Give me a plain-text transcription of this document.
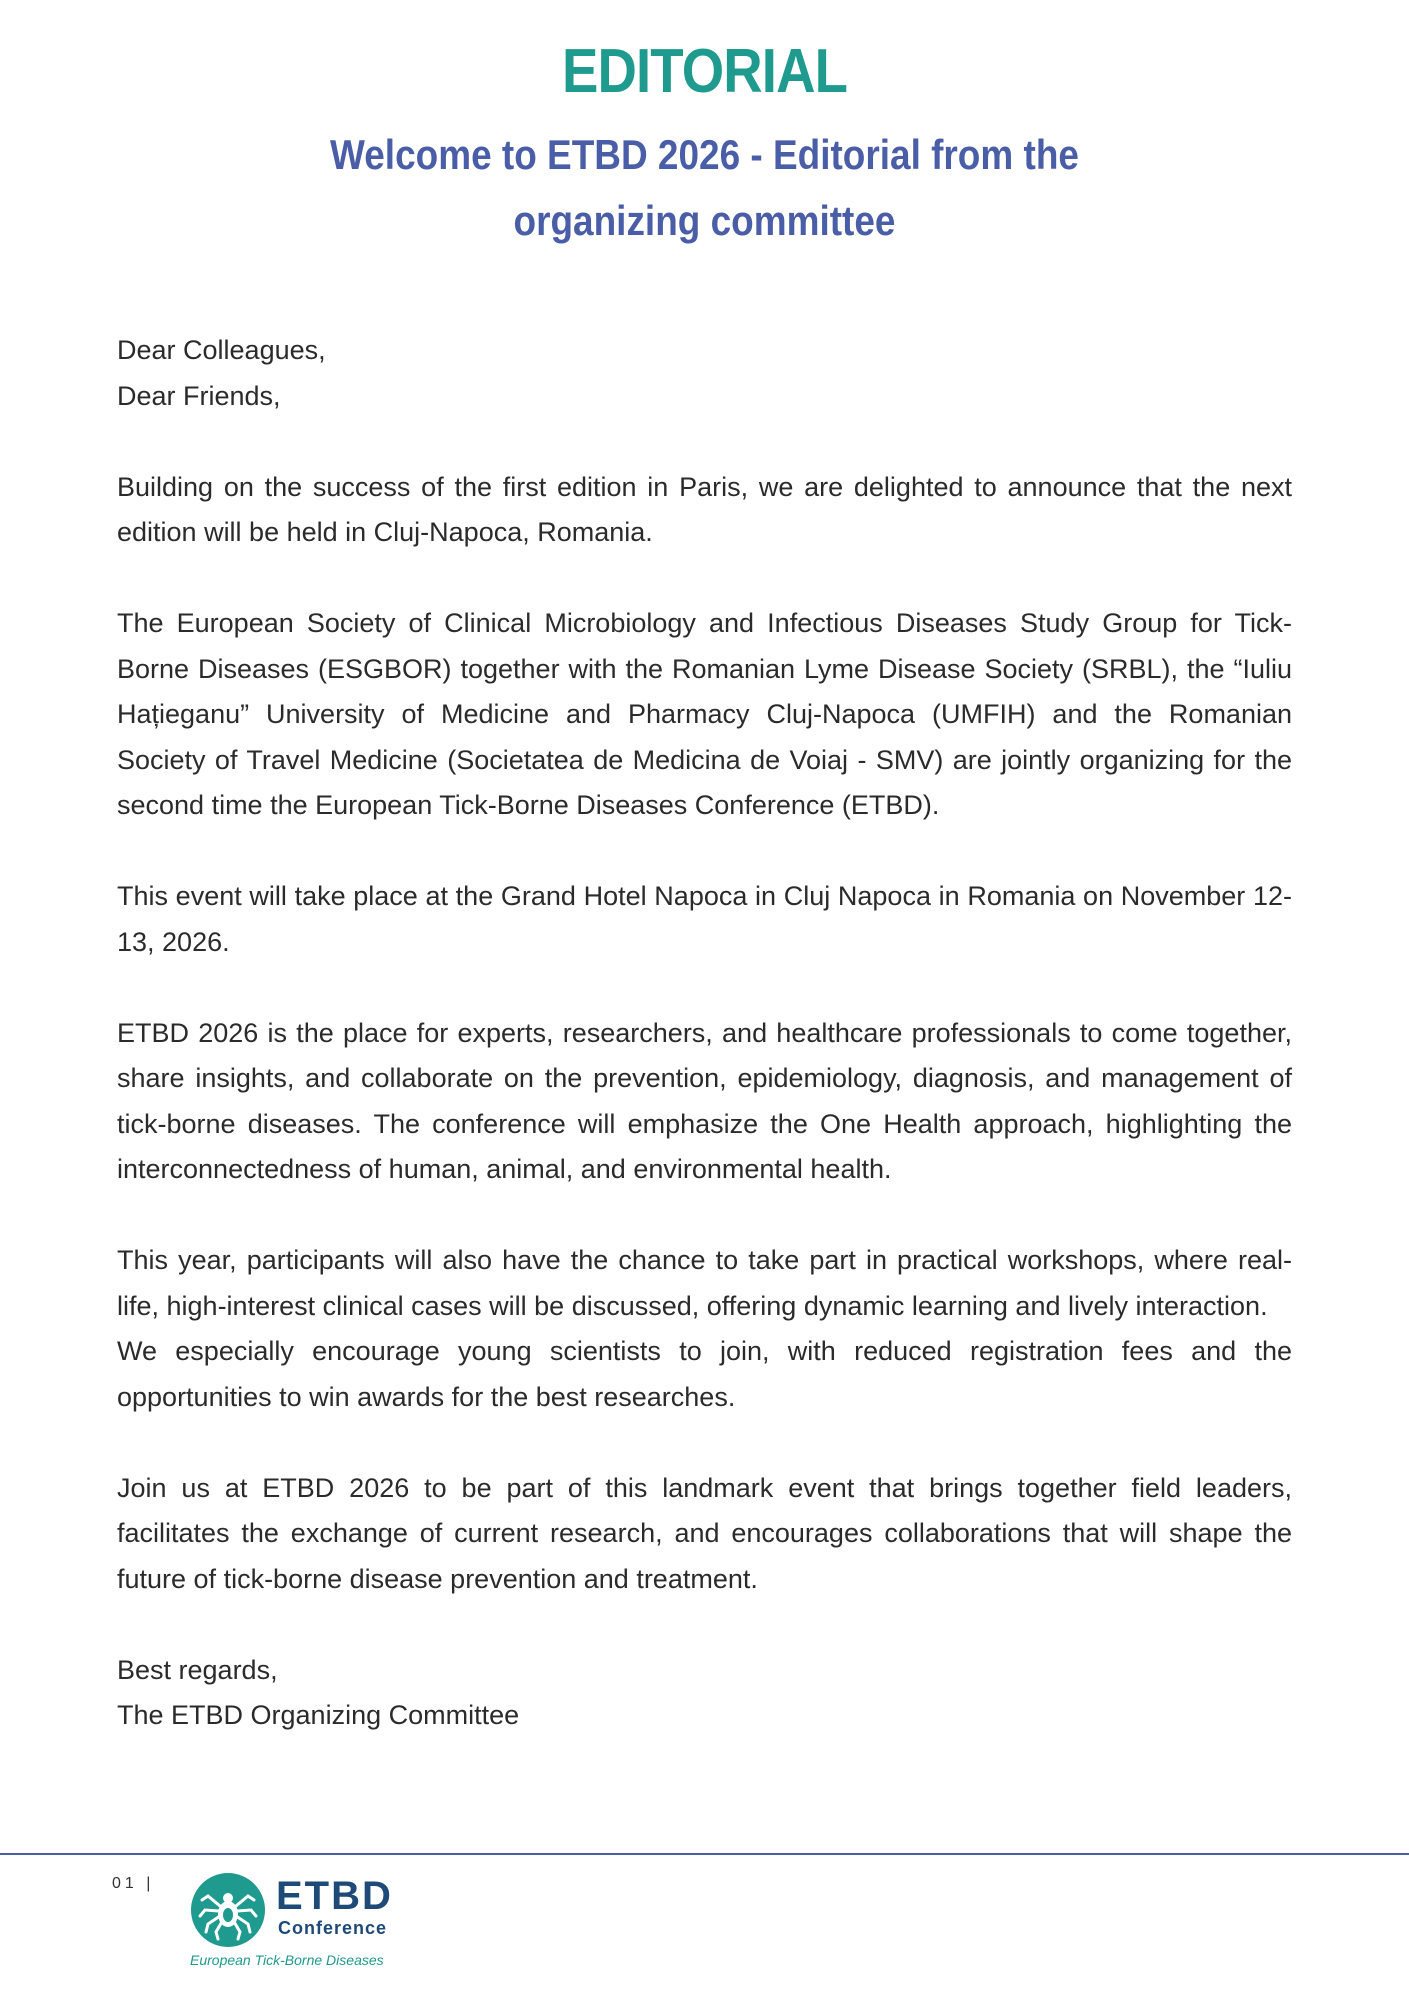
EDITORIAL
Welcome to ETBD 2026 - Editorial from the organizing committee

Dear Colleagues,

Dear Friends,

Building on the success of the first edition in Paris, we are delighted to announce that the next edition will be held in Cluj-Napoca, Romania.

The European Society of Clinical Microbiology and Infectious Diseases Study Group for Tick-Borne Diseases (ESGBOR) together with the Romanian Lyme Disease Society (SRBL), the “Iuliu Hațieganu” University of Medicine and Pharmacy Cluj-Napoca (UMFIH) and the Romanian Society of Travel Medicine (Societatea de Medicina de Voiaj - SMV) are jointly organizing for the second time the European Tick-Borne Diseases Conference (ETBD).

This event will take place at the Grand Hotel Napoca in Cluj Napoca in Romania on November 12-13, 2026.

ETBD 2026 is the place for experts, researchers, and healthcare professionals to come together, share insights, and collaborate on the prevention, epidemiology, diagnosis, and management of tick-borne diseases. The conference will emphasize the One Health approach, highlighting the interconnectedness of human, animal, and environmental health.

This year, participants will also have the chance to take part in practical workshops, where real-life, high-interest clinical cases will be discussed, offering dynamic learning and lively interaction.

We especially encourage young scientists to join, with reduced registration fees and the opportunities to win awards for the best researches.

Join us at ETBD 2026 to be part of this landmark event that brings together field leaders, facilitates the exchange of current research, and encourages collaborations that will shape the future of tick-borne disease prevention and treatment.

Best regards,

The ETBD Organizing Committee

01 |	ETBD
Conference
European Tick-Borne Diseases
